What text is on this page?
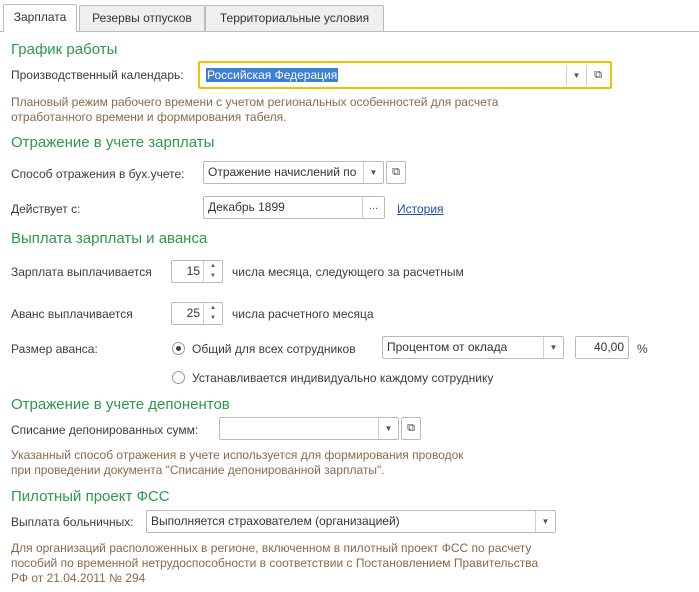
Зарплата	Резервы отпусков	Территориальные условия
График работы
Производственный календарь: Российская Федерация	▼	⧉
Плановый режим рабочего времени с учетом региональных особенностей для расчета
отработанного времени и формирования табеля.
Отражение в учете зарплаты
Способ отражения в бух.учете: Отражение начислений по	▼	⧉
Действует с:	Декабрь 1899	...	История
Выплата зарплаты и аванса
Зарплата выплачивается	15	▲
▼	числа месяца, следующего за расчетным
Аванс выплачивается	25	▲
▼	числа расчетного месяца
Размер аванса:	Общий для всех сотрудников	Процентом от оклада	▼	40,00 %
Устанавливается индивидуально каждому сотруднику
Отражение в учете депонентов
Списание депонированных сумм:	▼	⧉
Указанный способ отражения в учете используется для формирования проводок
при проведении документа "Списание депонированной зарплаты".
Пилотный проект ФСС
Выплата больничных: Выполняется страхователем (организацией)	▼
Для организаций расположенных в регионе, включенном в пилотный проект ФСС по расчету
пособий по временной нетрудоспособности в соответствии с Постановлением Правительства
РФ от 21.04.2011 № 294
